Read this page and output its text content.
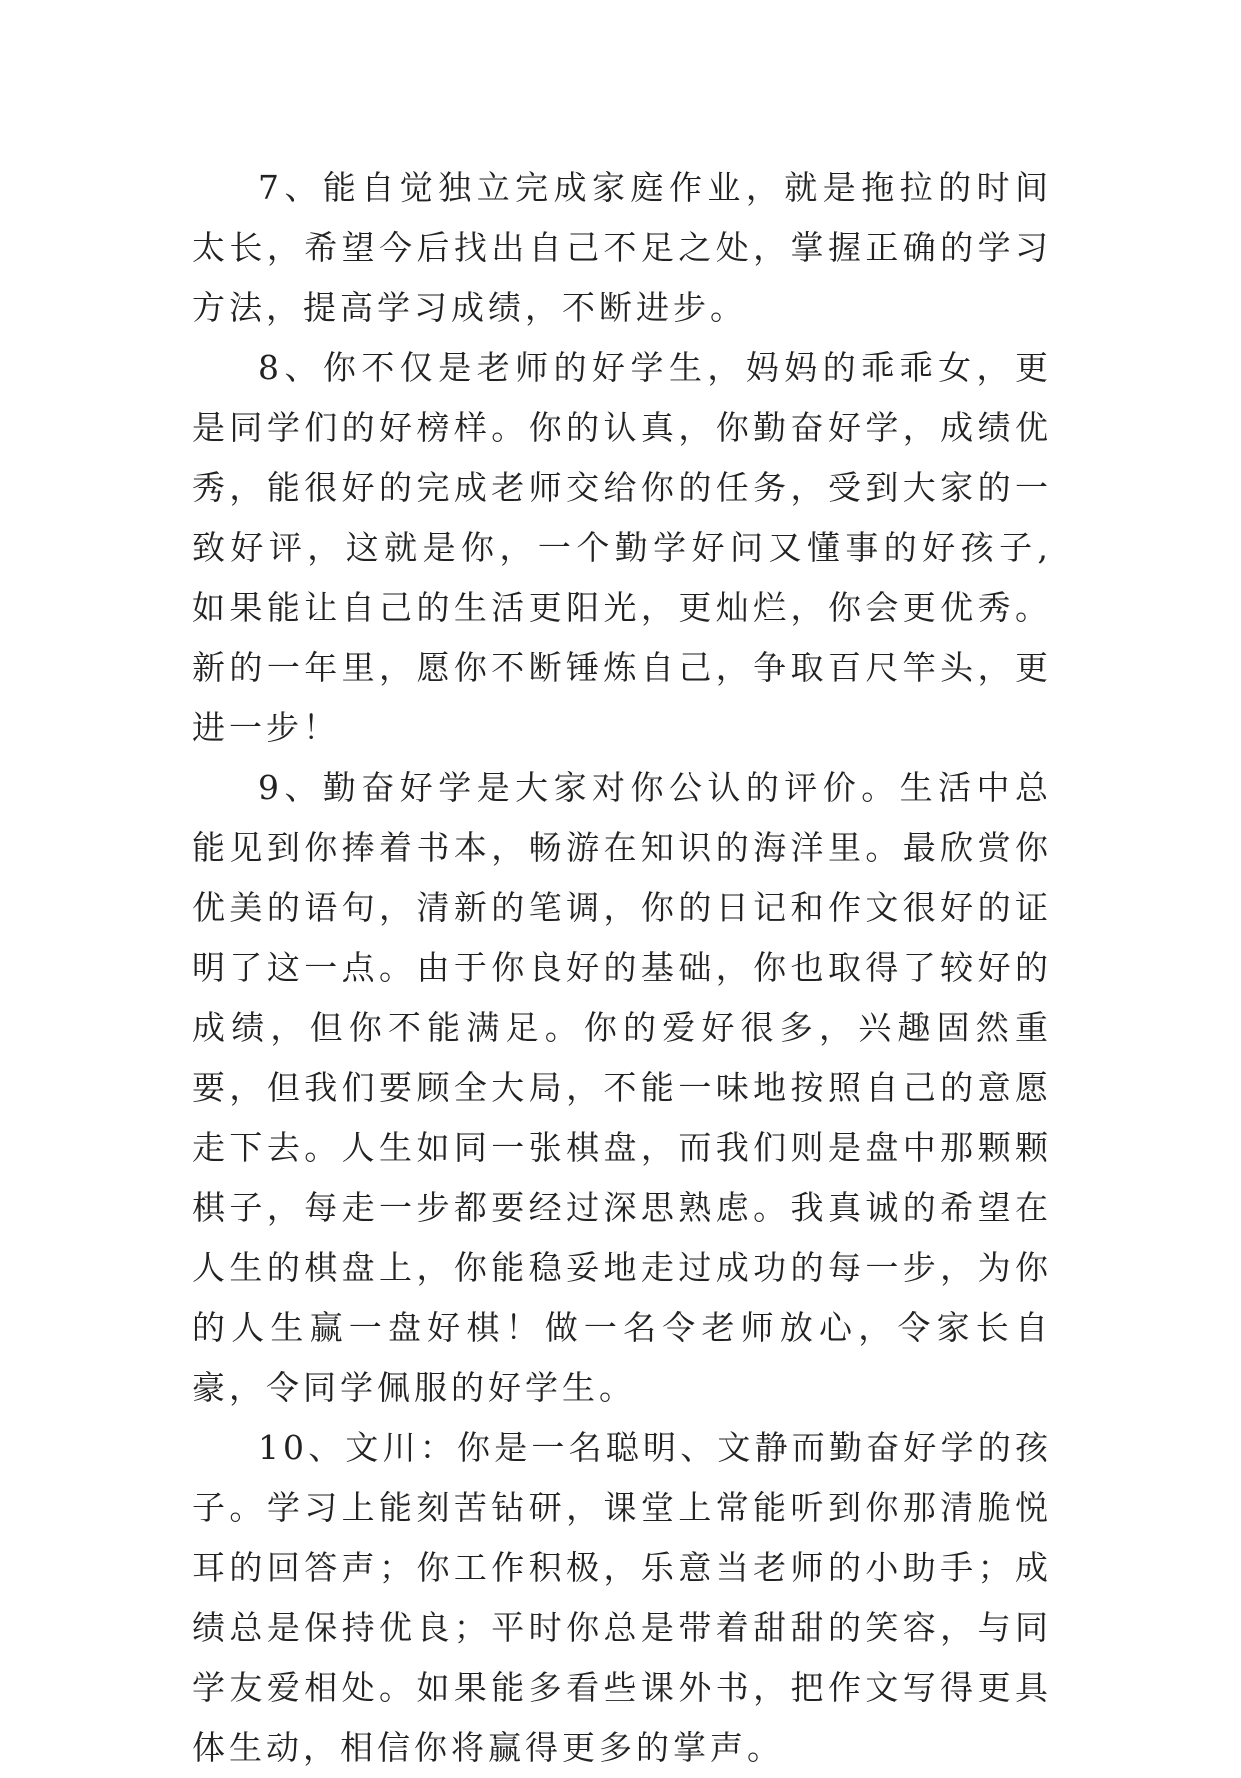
7、能自觉独立完成家庭作业，就是拖拉的时间太长，希望今后找出自己不足之处，掌握正确的学习方法，提高学习成绩，不断进步。

8、你不仅是老师的好学生，妈妈的乖乖女，更是同学们的好榜样。你的认真，你勤奋好学，成绩优秀，能很好的完成老师交给你的任务，受到大家的一致好评，这就是你，一个勤学好问又懂事的好孩子,如果能让自己的生活更阳光，更灿烂，你会更优秀。新的一年里，愿你不断锤炼自己，争取百尺竿头，更进一步！

9、勤奋好学是大家对你公认的评价。生活中总能见到你捧着书本，畅游在知识的海洋里。最欣赏你优美的语句，清新的笔调，你的日记和作文很好的证明了这一点。由于你良好的基础，你也取得了较好的成绩，但你不能满足。你的爱好很多，兴趣固然重要，但我们要顾全大局，不能一味地按照自己的意愿走下去。人生如同一张棋盘，而我们则是盘中那颗颗棋子，每走一步都要经过深思熟虑。我真诚的希望在人生的棋盘上，你能稳妥地走过成功的每一步，为你的人生赢一盘好棋！做一名令老师放心，令家长自豪，令同学佩服的好学生。

10、文川：你是一名聪明、文静而勤奋好学的孩子。学习上能刻苦钻研，课堂上常能听到你那清脆悦耳的回答声；你工作积极，乐意当老师的小助手；成绩总是保持优良；平时你总是带着甜甜的笑容，与同学友爱相处。如果能多看些课外书，把作文写得更具体生动，相信你将赢得更多的掌声。
